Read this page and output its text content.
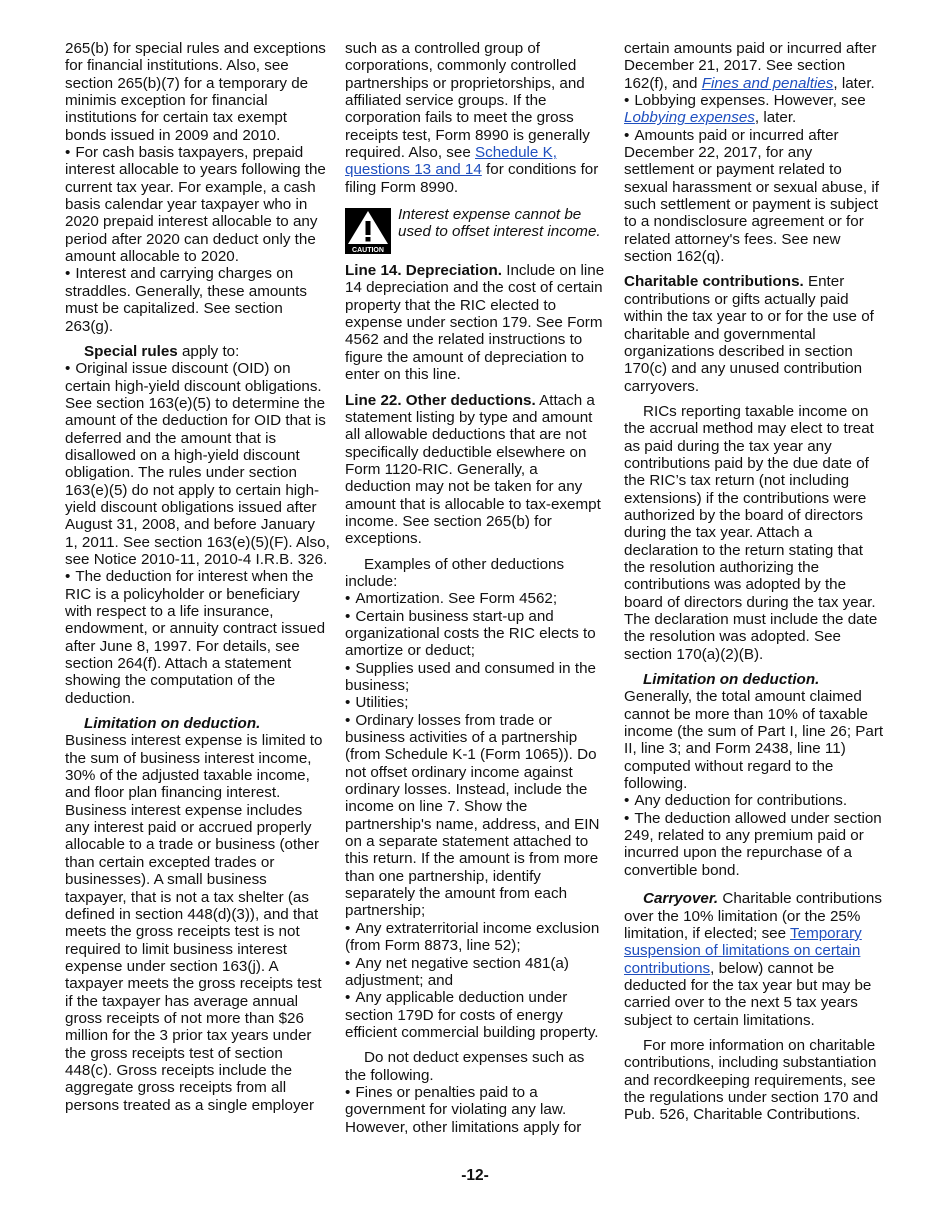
265(b) for special rules and exceptions for financial institutions. Also, see section 265(b)(7) for a temporary de minimis exception for financial institutions for certain tax exempt bonds issued in 2009 and 2010.

• For cash basis taxpayers, prepaid interest allocable to years following the current tax year. For example, a cash basis calendar year taxpayer who in 2020 prepaid interest allocable to any period after 2020 can deduct only the amount allocable to 2020.

• Interest and carrying charges on straddles. Generally, these amounts must be capitalized. See section 263(g).

Special rules apply to:

• Original issue discount (OID) on certain high-yield discount obligations. See section 163(e)(5) to determine the amount of the deduction for OID that is deferred and the amount that is disallowed on a high-yield discount obligation. The rules under section 163(e)(5) do not apply to certain high-yield discount obligations issued after August 31, 2008, and before January 1, 2011. See section 163(e)(5)(F). Also, see Notice 2010-11, 2010-4 I.R.B. 326.

• The deduction for interest when the RIC is a policyholder or beneficiary with respect to a life insurance, endowment, or annuity contract issued after June 8, 1997. For details, see section 264(f). Attach a statement showing the computation of the deduction.

Limitation on deduction.

Business interest expense is limited to the sum of business interest income, 30% of the adjusted taxable income, and floor plan financing interest. Business interest expense includes any interest paid or accrued properly allocable to a trade or business (other than certain excepted trades or businesses). A small business taxpayer, that is not a tax shelter (as defined in section 448(d)(3)), and that meets the gross receipts test is not required to limit business interest expense under section 163(j). A taxpayer meets the gross receipts test if the taxpayer has average annual gross receipts of not more than $26 million for the 3 prior tax years under the gross receipts test of section 448(c). Gross receipts include the aggregate gross receipts from all persons treated as a single employer

such as a controlled group of corporations, commonly controlled partnerships or proprietorships, and affiliated service groups. If the corporation fails to meet the gross receipts test, Form 8990 is generally required. Also, see Schedule K, questions 13 and 14 for conditions for filing Form 8990.

CAUTION
Interest expense cannot be used to offset interest income.

Line 14. Depreciation. Include on line 14 depreciation and the cost of certain property that the RIC elected to expense under section 179. See Form 4562 and the related instructions to figure the amount of depreciation to enter on this line.

Line 22. Other deductions. Attach a statement listing by type and amount all allowable deductions that are not specifically deductible elsewhere on Form 1120-RIC. Generally, a deduction may not be taken for any amount that is allocable to tax-exempt income. See section 265(b) for exceptions.

Examples of other deductions include:

• Amortization. See Form 4562;

• Certain business start-up and organizational costs the RIC elects to amortize or deduct;

• Supplies used and consumed in the business;

• Utilities;

• Ordinary losses from trade or business activities of a partnership (from Schedule K-1 (Form 1065)). Do not offset ordinary income against ordinary losses. Instead, include the income on line 7. Show the partnership's name, address, and EIN on a separate statement attached to this return. If the amount is from more than one partnership, identify separately the amount from each partnership;

• Any extraterritorial income exclusion (from Form 8873, line 52);

• Any net negative section 481(a) adjustment; and

• Any applicable deduction under section 179D for costs of energy efficient commercial building property.

Do not deduct expenses such as the following.

• Fines or penalties paid to a government for violating any law. However, other limitations apply for

certain amounts paid or incurred after December 21, 2017. See section 162(f), and Fines and penalties, later.

• Lobbying expenses. However, see Lobbying expenses, later.

• Amounts paid or incurred after December 22, 2017, for any settlement or payment related to sexual harassment or sexual abuse, if such settlement or payment is subject to a nondisclosure agreement or for related attorney's fees. See new section 162(q).

Charitable contributions. Enter contributions or gifts actually paid within the tax year to or for the use of charitable and governmental organizations described in section 170(c) and any unused contribution carryovers.

RICs reporting taxable income on the accrual method may elect to treat as paid during the tax year any contributions paid by the due date of the RIC’s tax return (not including extensions) if the contributions were authorized by the board of directors during the tax year. Attach a declaration to the return stating that the resolution authorizing the contributions was adopted by the board of directors during the tax year. The declaration must include the date the resolution was adopted. See section 170(a)(2)(B).

Limitation on deduction.

Generally, the total amount claimed cannot be more than 10% of taxable income (the sum of Part I, line 26; Part II, line 3; and Form 2438, line 11) computed without regard to the following.

• Any deduction for contributions.

• The deduction allowed under section 249, related to any premium paid or incurred upon the repurchase of a convertible bond.

Carryover. Charitable contributions over the 10% limitation (or the 25% limitation, if elected; see Temporary suspension of limitations on certain contributions, below) cannot be deducted for the tax year but may be carried over to the next 5 tax years subject to certain limitations.

For more information on charitable contributions, including substantiation and recordkeeping requirements, see the regulations under section 170 and Pub. 526, Charitable Contributions.

-12-
